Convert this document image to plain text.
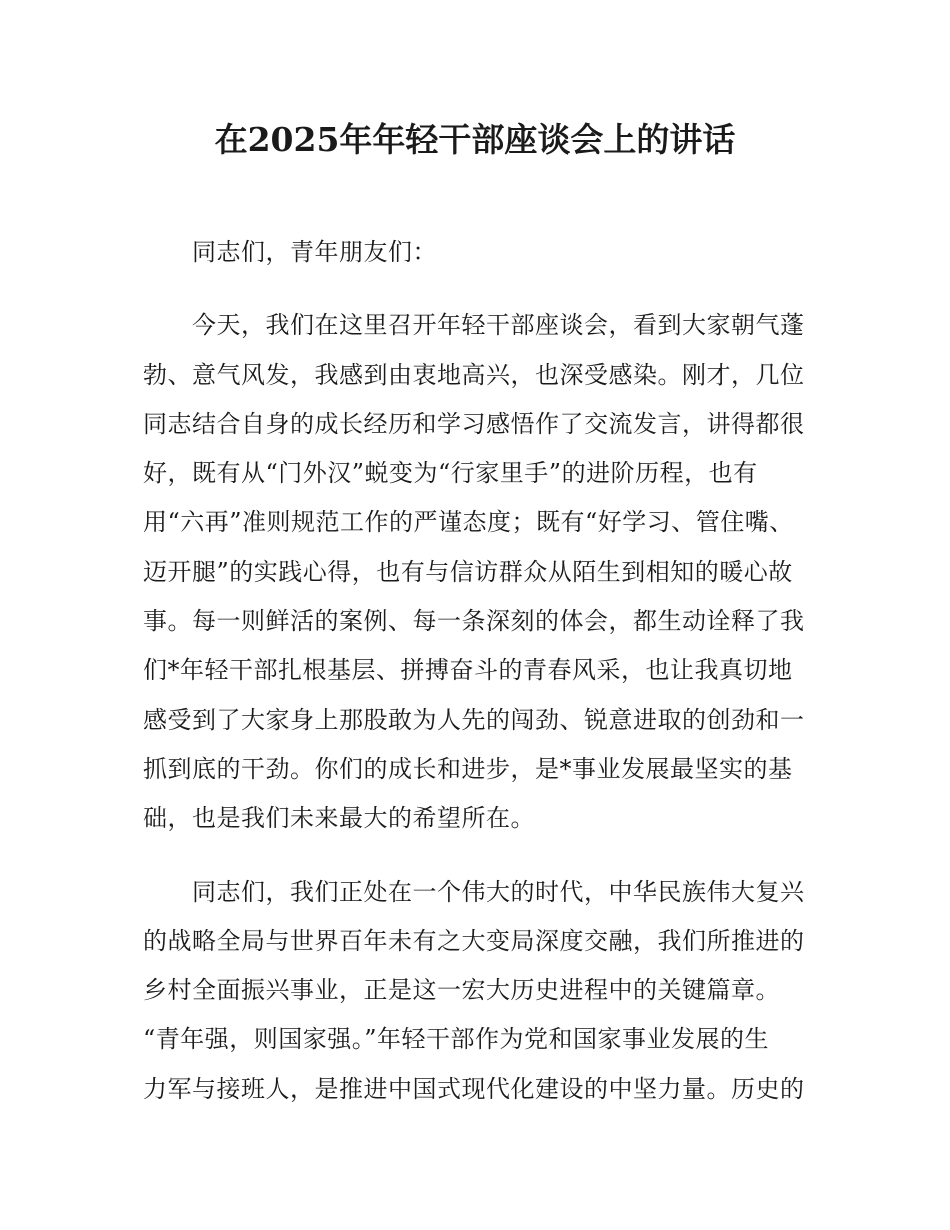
在2025年年轻干部座谈会上的讲话
同志们，青年朋友们：
今天，我们在这里召开年轻干部座谈会，看到大家朝气蓬
勃、意气风发，我感到由衷地高兴，也深受感染。刚才，几位
同志结合自身的成长经历和学习感悟作了交流发言，讲得都很
好，既有从“门外汉”蜕变为“行家里手”的进阶历程，也有
用“六再”准则规范工作的严谨态度；既有“好学习、管住嘴、
迈开腿”的实践心得，也有与信访群众从陌生到相知的暖心故
事。每一则鲜活的案例、每一条深刻的体会，都生动诠释了我
们*年轻干部扎根基层、拼搏奋斗的青春风采，也让我真切地
感受到了大家身上那股敢为人先的闯劲、锐意进取的创劲和一
抓到底的干劲。你们的成长和进步，是*事业发展最坚实的基
础，也是我们未来最大的希望所在。
同志们，我们正处在一个伟大的时代，中华民族伟大复兴
的战略全局与世界百年未有之大变局深度交融，我们所推进的
乡村全面振兴事业，正是这一宏大历史进程中的关键篇章。
“青年强，则国家强。”年轻干部作为党和国家事业发展的生
力军与接班人，是推进中国式现代化建设的中坚力量。历史的
